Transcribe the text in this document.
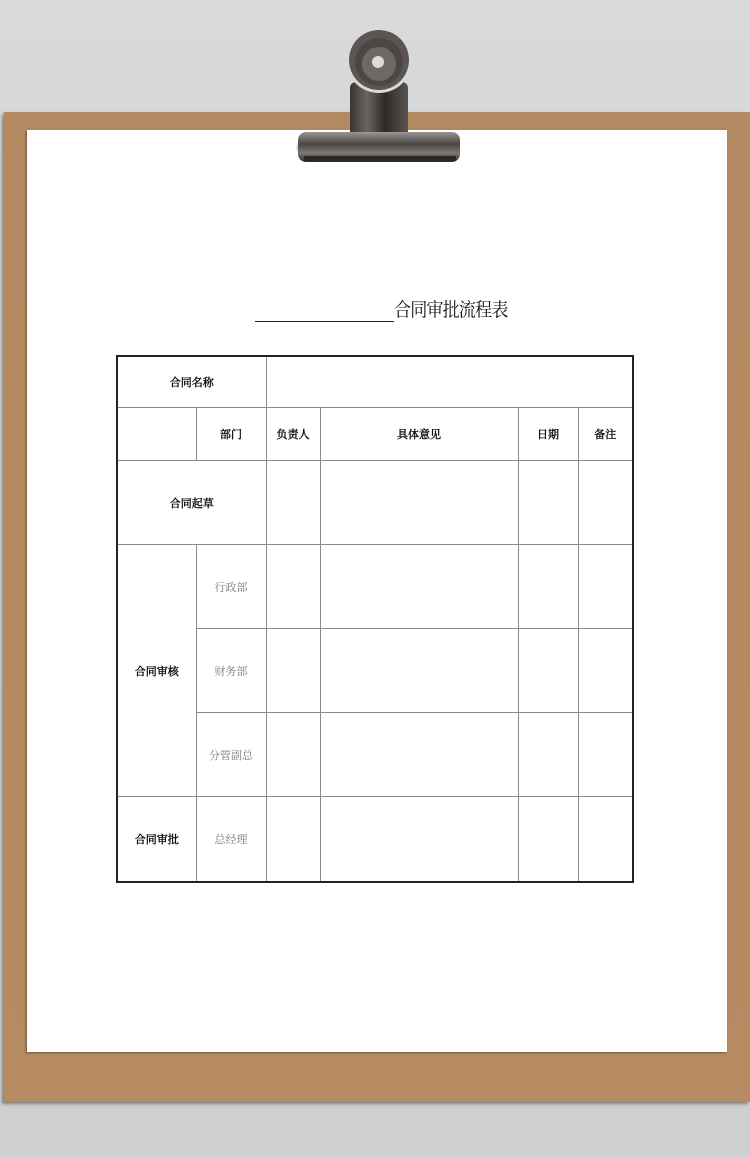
合同审批流程表
合同名称					
	部门	负责人	具体意见	日期	备注
合同起草					
合同审核	行政部				
	财务部				
	分管副总				
合同审批	总经理				
